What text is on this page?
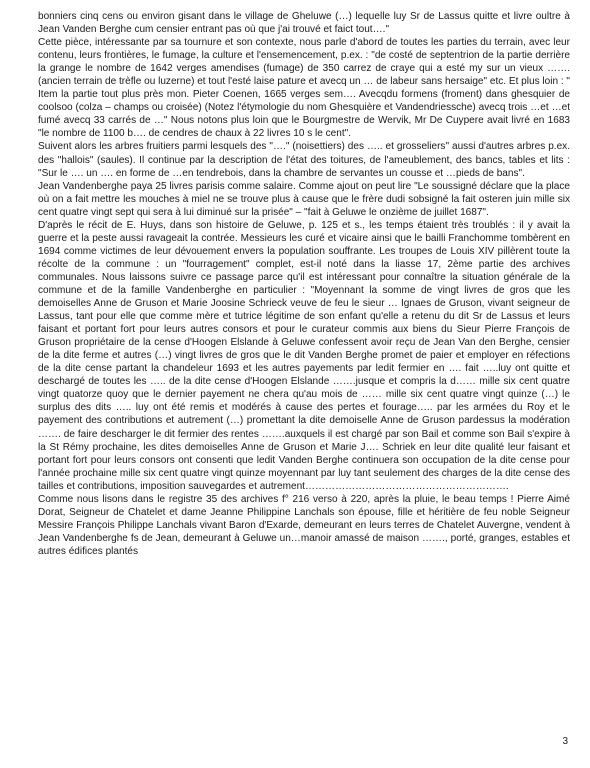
bonniers cinq cens ou environ gisant dans le village de Gheluwe (…) lequelle luy Sr de Lassus quitte et livre oultre à Jean Vanden Berghe cum censier entrant pas où que j'ai trouvé et faict tout…."

Cette pièce, intéressante par sa tournure et son contexte, nous parle d'abord de toutes les parties du terrain, avec leur contenu, leurs frontières, le fumage, la culture et l'ensemencement, p.ex. : "de costé de septentrion de la partie derrière la grange le nombre de 1642 verges amendises (fumage) de 350 carrez de craye qui a esté my sur un vieux ……. (ancien terrain de trèfle ou luzerne) et tout l'esté laise pature et avecq un … de labeur sans hersaige" etc. Et plus loin : " Item la partie tout plus près mon. Pieter Coenen, 1665 verges sem…. Avecqdu formens (froment) dans ghesquier de coolsoo (colza – champs ou croisée) (Notez l'étymologie du nom Ghesquière et Vandendriessche) avecq trois …et …et fumé avecq 33 carrés de …" Nous notons plus loin que le Bourgmestre de Wervik, Mr De Cuypere avait livré en 1683 "le nombre de 1100 b…. de cendres de chaux à 22 livres 10 s le cent".

Suivent alors les arbres fruitiers parmi lesquels des "…." (noisettiers) des ….. et grosseliers" aussi d'autres arbres p.ex. des "hallois" (saules). Il continue par la description de l'état des toitures, de l'ameublement, des bancs, tables et lits : "Sur le …. un …. en forme de …en tendrebois, dans la chambre de servantes un cousse et …pieds de bans".

Jean Vandenberghe paya 25 livres parisis comme salaire. Comme ajout on peut lire "Le soussigné déclare que la place où on a fait mettre les mouches à miel ne se trouve plus à cause que le frère dudi sobsigné la fait osteren juin mille six cent quatre vingt sept qui sera à lui diminué sur la prisée" – "fait à Geluwe le onzième de juillet 1687".

D'après le récit de E. Huys, dans son histoire de Geluwe, p. 125 et s., les temps étaient très troublés : il y avait la guerre et la peste aussi ravageait la contrée. Messieurs les curé et vicaire ainsi que le bailli Franchomme tombèrent en 1694 comme victimes de leur dévouement envers la population souffrante. Les troupes de Louis XIV pillèrent toute la récolte de la commune : un "fourragement" complet, est-il noté dans la liasse 17, 2ème partie des archives communales. Nous laissons suivre ce passage parce qu'il est intéressant pour connaître la situation générale de la commune et de la famille Vandenberghe en particulier : "Moyennant la somme de vingt livres de gros que les demoiselles Anne de Gruson et Marie Joosine Schrieck veuve de feu le sieur … Ignaes de Gruson, vivant seigneur de Lassus, tant pour elle que comme mère et tutrice légitime de son enfant qu'elle a retenu du dit Sr de Lassus et leurs faisant et portant fort pour leurs autres consors et pour le curateur commis aux biens du Sieur Pierre François de Gruson propriétaire de la cense d'Hoogen Elslande à Geluwe confessent avoir reçu de Jean Van den Berghe, censier de la dite ferme et autres (…) vingt livres de gros que le dit Vanden Berghe promet de paier et employer en réfections de la dite cense partant la chandeleur 1693 et les autres payements par ledit fermier en …. fait …..luy ont quitte et deschargé de toutes les ….. de la dite cense d'Hoogen Elslande …….jusque et compris la d…… mille six cent quatre vingt quatorze quoy que le dernier payement ne chera qu'au mois de …… mille six cent quatre vingt quinze (…) le surplus des dits ….. luy ont été remis et modérés à cause des pertes et fourage….. par les armées du Roy et le payement des contributions et autrement (…) promettant la dite demoiselle Anne de Gruson pardessus la modération ……. de faire descharger le dit fermier des rentes …….auxquels il est chargé par son Bail et comme son Bail s'expire à la St Rémy prochaine, les dites demoiselles Anne de Gruson et Marie J…. Schriek en leur dite qualité leur faisant et portant fort pour leurs consors ont consenti que ledit Vanden Berghe continuera son occupation de la dite cense pour l'année prochaine mille six cent quatre vingt quinze moyennant par luy tant seulement des charges de la dite cense des tailles et contributions, imposition sauvegardes et autrement…………………………………………………….

Comme nous lisons dans le registre 35 des archives f° 216 verso à 220, après la pluie, le beau temps ! Pierre Aimé Dorat, Seigneur de Chatelet et dame Jeanne Philippine Lanchals son épouse, fille et héritière de feu noble Seigneur Messire François Philippe Lanchals vivant Baron d'Exarde, demeurant en leurs terres de Chatelet Auvergne, vendent à Jean Vandenberghe fs de Jean, demeurant à Geluwe un…manoir amassé de maison ……., porté, granges, estables et autres édifices plantés

3
